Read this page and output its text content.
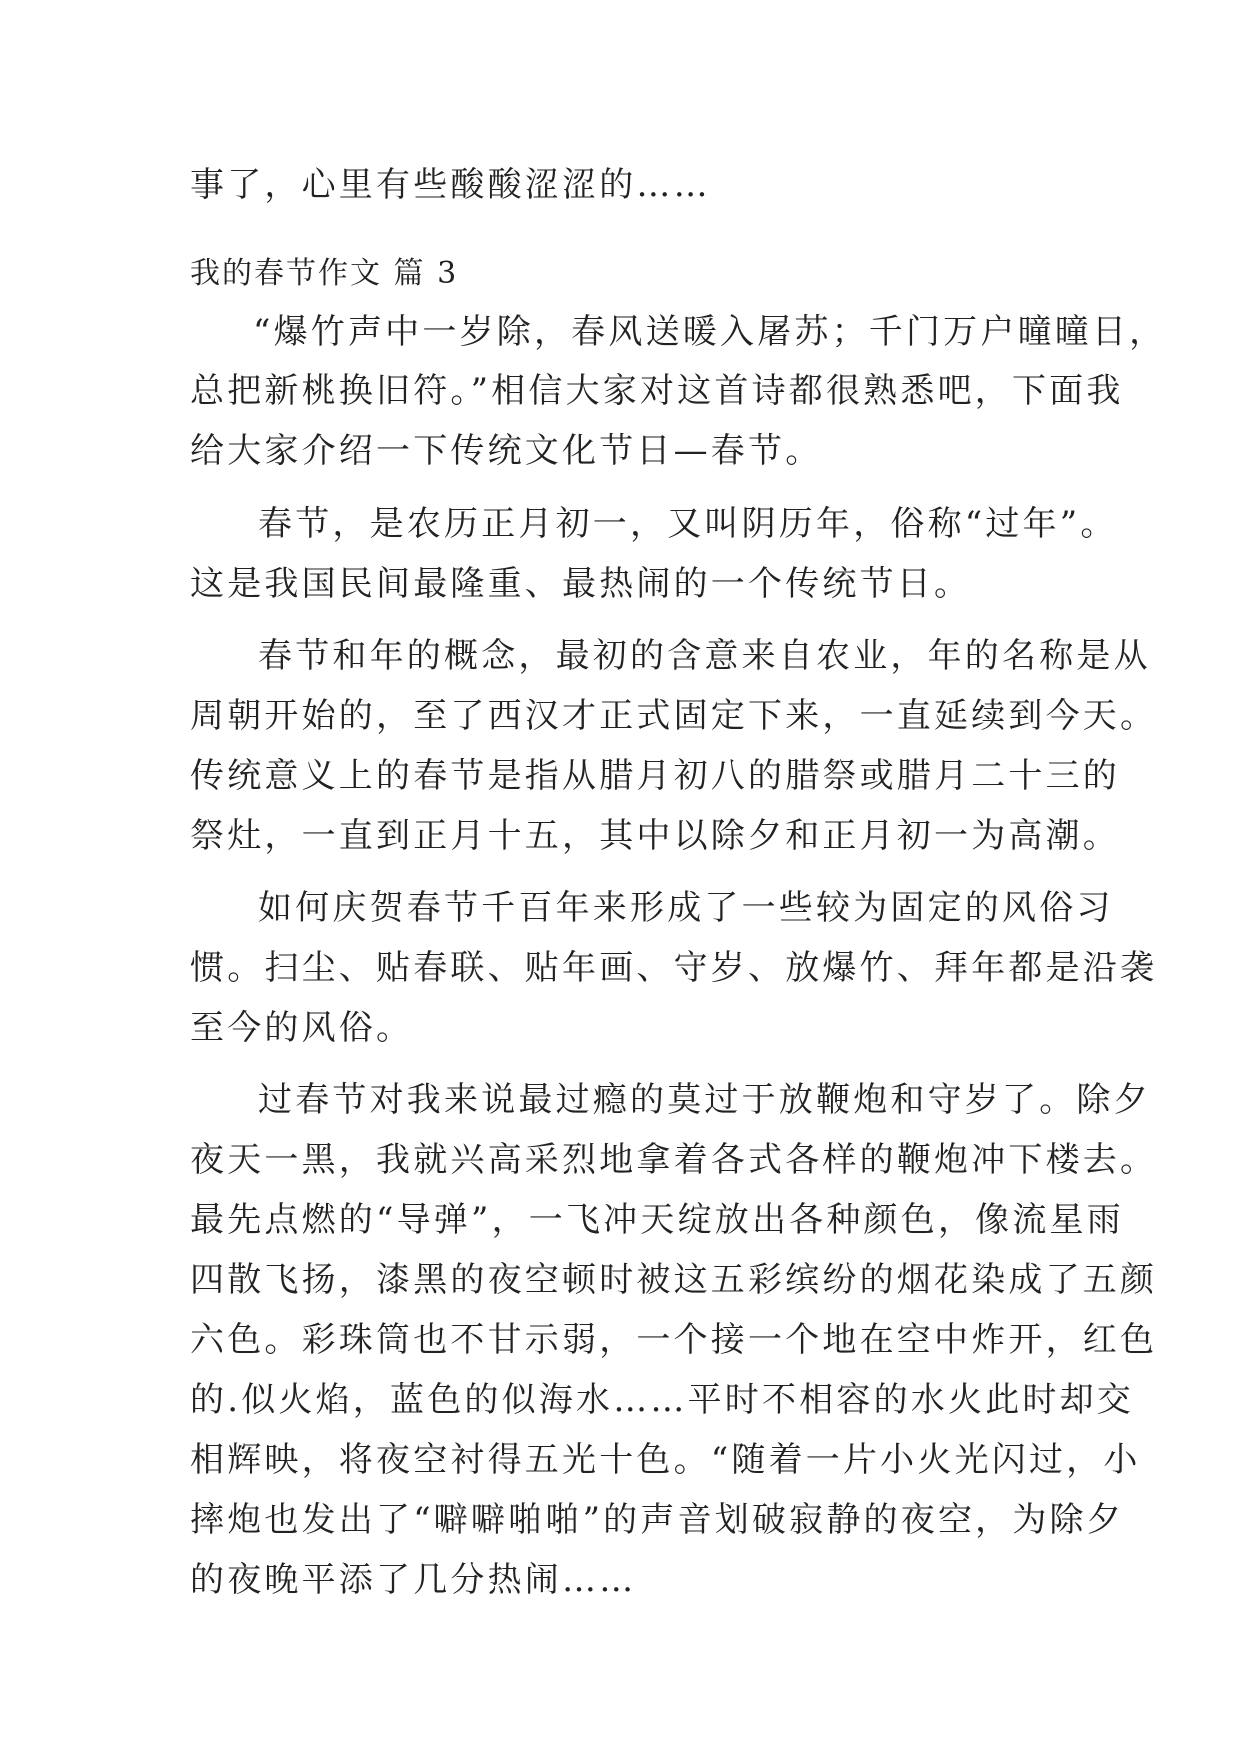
事了，心里有些酸酸涩涩的……
我的春节作文 篇 3
“爆竹声中一岁除，春风送暖入屠苏；千门万户曈曈日，
总把新桃换旧符。”相信大家对这首诗都很熟悉吧，下面我
给大家介绍一下传统文化节日—春节。
春节，是农历正月初一，又叫阴历年，俗称“过年”。
这是我国民间最隆重、最热闹的一个传统节日。
春节和年的概念，最初的含意来自农业，年的名称是从
周朝开始的，至了西汉才正式固定下来，一直延续到今天。
传统意义上的春节是指从腊月初八的腊祭或腊月二十三的
祭灶，一直到正月十五，其中以除夕和正月初一为高潮。
如何庆贺春节千百年来形成了一些较为固定的风俗习
惯。扫尘、贴春联、贴年画、守岁、放爆竹、拜年都是沿袭
至今的风俗。
过春节对我来说最过瘾的莫过于放鞭炮和守岁了。除夕
夜天一黑，我就兴高采烈地拿着各式各样的鞭炮冲下楼去。
最先点燃的“导弹”，一飞冲天绽放出各种颜色，像流星雨
四散飞扬，漆黑的夜空顿时被这五彩缤纷的烟花染成了五颜
六色。彩珠筒也不甘示弱，一个接一个地在空中炸开，红色
的.似火焰，蓝色的似海水……平时不相容的水火此时却交
相辉映，将夜空衬得五光十色。“随着一片小火光闪过，小
摔炮也发出了“噼噼啪啪”的声音划破寂静的夜空，为除夕
的夜晚平添了几分热闹……
